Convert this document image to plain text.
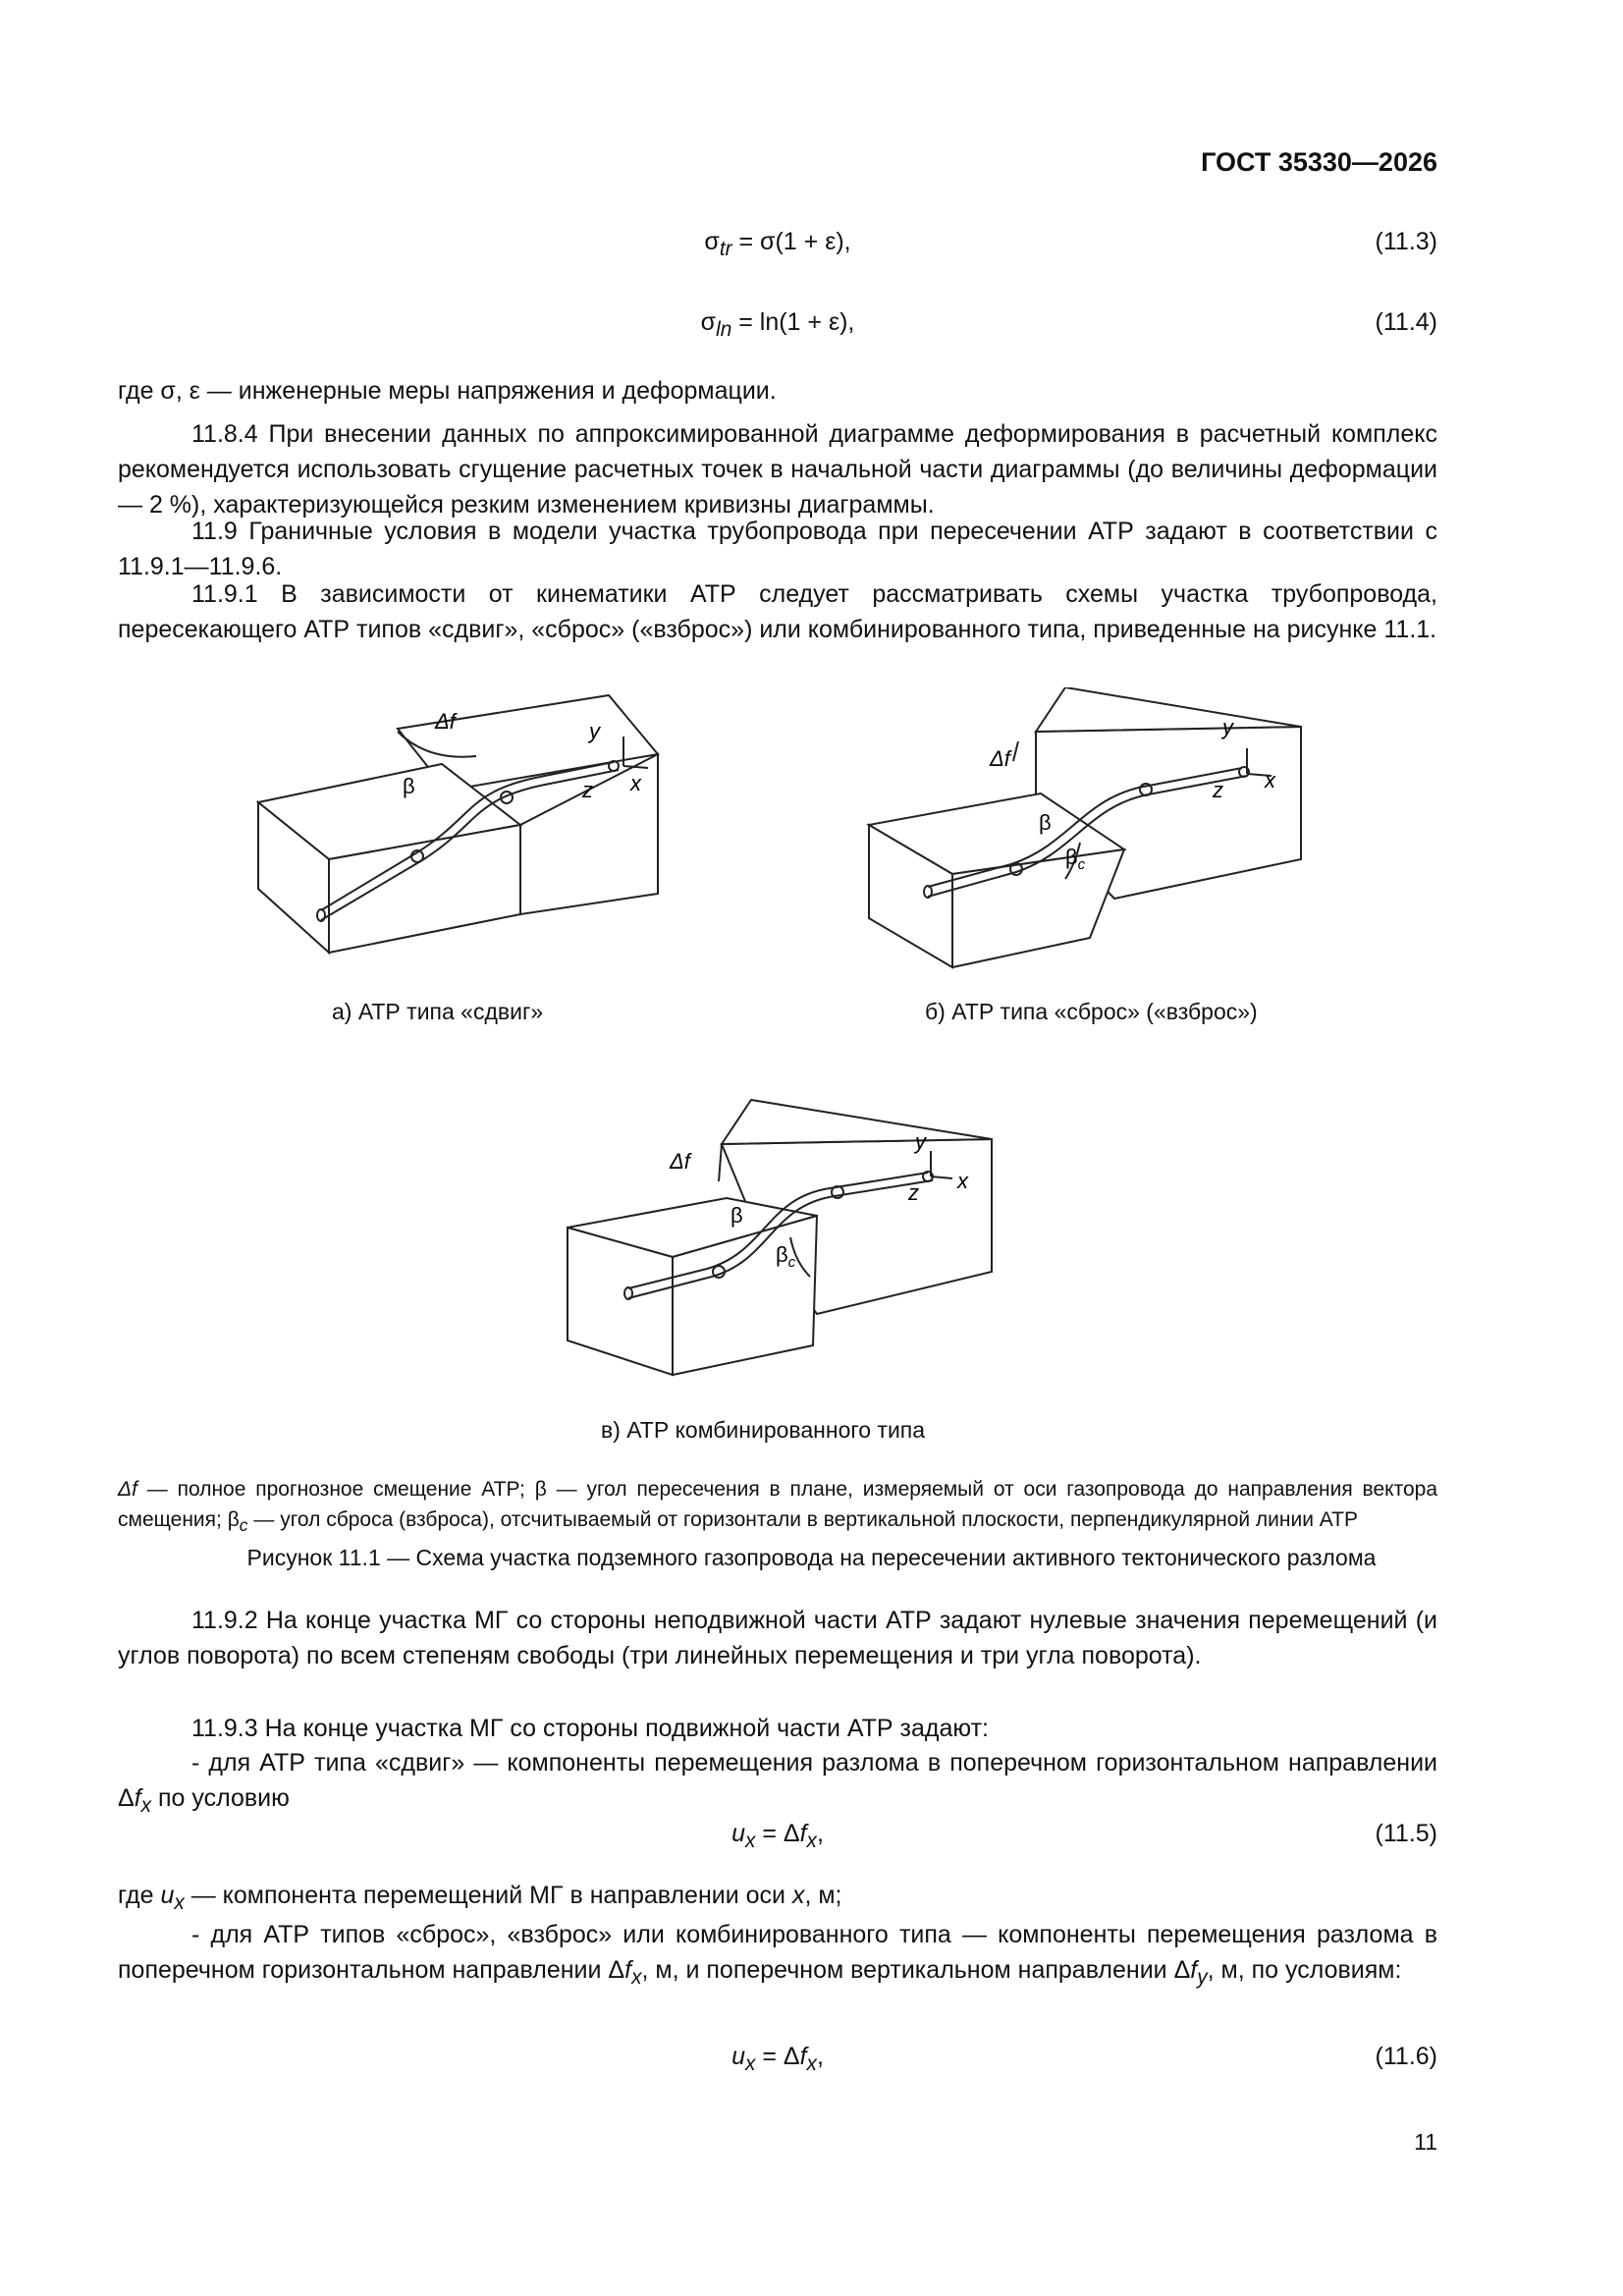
ГОСТ 35330—2026
$\sigma_{tr} = \sigma(1 + \varepsilon)$,	(11.3)
$\sigma_{ln} = \ln(1 + \varepsilon)$,	(11.4)
где σ, ε — инженерные меры напряжения и деформации.
11.8.4 При внесении данных по аппроксимированной диаграмме деформирования в расчетный комплекс рекомендуется использовать сгущение расчетных точек в начальной части диаграммы (до величины деформации — 2 %), характеризующейся резким изменением кривизны диаграммы.
11.9 Граничные условия в модели участка трубопровода при пересечении АТР задают в соответствии с 11.9.1—11.9.6.
11.9.1 В зависимости от кинематики АТР следует рассматривать схемы участка трубопровода, пересекающего АТР типов «сдвиг», «сброс» («взброс») или комбинированного типа, приведенные на рисунке 11.1.
Δf
β
y
z x
Δf
β
$\beta_c$
y
z x
а) АТР типа «сдвиг»	б) АТР типа «сброс» («взброс»)
Δf
β
$\beta_c$
y
z x
в) АТР комбинированного типа
Δf — полное прогнозное смещение АТР; β — угол пересечения в плане, измеряемый от оси газопровода до направления вектора смещения; $\beta_c$ — угол сброса (взброса), отсчитываемый от горизонтали в вертикальной плоскости, перпендикулярной линии АТР
Рисунок 11.1 — Схема участка подземного газопровода на пересечении активного тектонического разлома
11.9.2 На конце участка МГ со стороны неподвижной части АТР задают нулевые значения перемещений (и углов поворота) по всем степеням свободы (три линейных перемещения и три угла поворота).
11.9.3 На конце участка МГ со стороны подвижной части АТР задают:
- для АТР типа «сдвиг» — компоненты перемещения разлома в поперечном горизонтальном направлении $\Delta f_x$ по условию
$u_x = \Delta f_x$,	(11.5)
где $u_x$ — компонента перемещений МГ в направлении оси x, м;
- для АТР типов «сброс», «взброс» или комбинированного типа — компоненты перемещения разлома в поперечном горизонтальном направлении $\Delta f_x$, м, и поперечном вертикальном направлении $\Delta f_y$, м, по условиям:
$u_x = \Delta f_x$,	(11.6)
11
